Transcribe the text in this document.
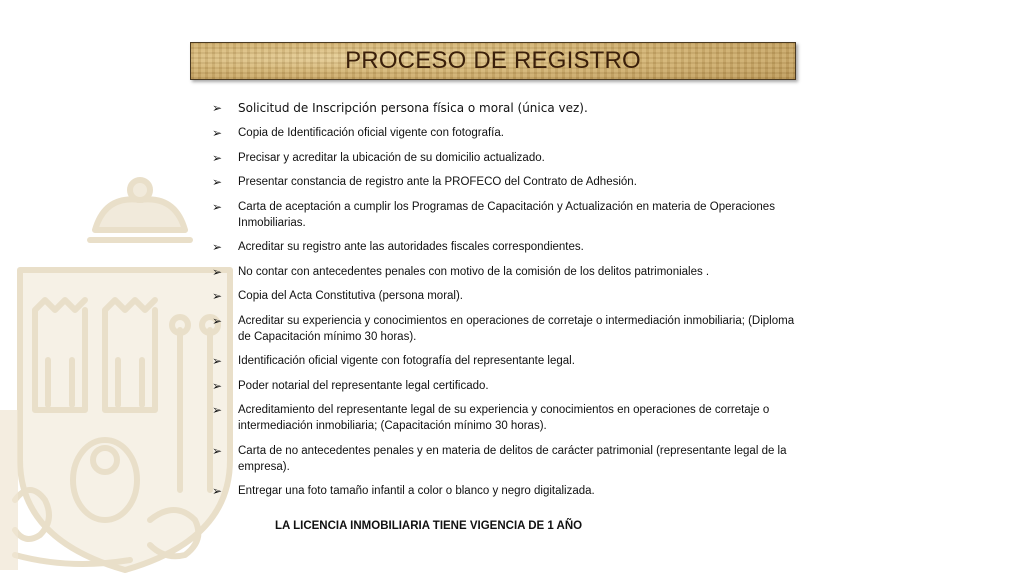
PROCESO DE REGISTRO
➢ Solicitud de Inscripción persona física o moral (única vez).
➢ Copia de Identificación oficial vigente con fotografía.
➢ Precisar y acreditar la ubicación de su domicilio actualizado.
➢ Presentar constancia de registro ante la PROFECO del Contrato de Adhesión.
➢ Carta de aceptación a cumplir los Programas de Capacitación y Actualización en materia de Operaciones Inmobiliarias.
➢ Acreditar su registro ante las autoridades fiscales correspondientes.
➢ No contar con antecedentes penales con motivo de la comisión de los delitos patrimoniales .
➢ Copia del Acta Constitutiva (persona moral).
➢ Acreditar su experiencia y conocimientos en operaciones de corretaje o intermediación inmobiliaria; (Diploma de Capacitación mínimo 30 horas).
➢ Identificación oficial vigente con fotografía del representante legal.
➢ Poder notarial del representante legal certificado.
➢ Acreditamiento del representante legal de su experiencia y conocimientos en operaciones de corretaje o intermediación inmobiliaria; (Capacitación mínimo 30 horas).
➢ Carta de no antecedentes penales y en materia de delitos de carácter patrimonial (representante legal de la empresa).
➢ Entregar una foto tamaño infantil a color o blanco y negro digitalizada.
LA LICENCIA INMOBILIARIA TIENE VIGENCIA DE 1 AÑO
